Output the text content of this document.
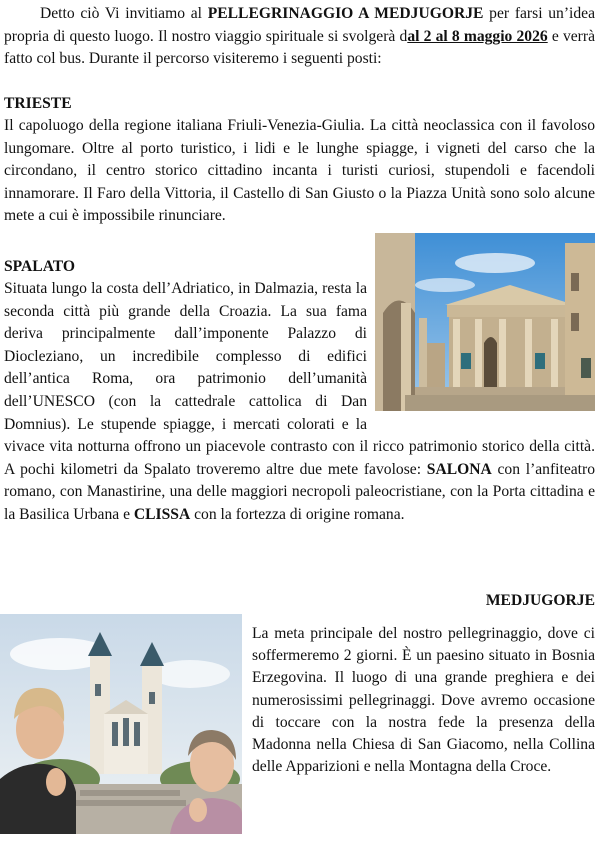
Detto ciò Vi invitiamo al PELLEGRINAGGIO A MEDJUGORJE per farsi un’idea propria di questo luogo. Il nostro viaggio spirituale si svolgerà dal 2 al 8 maggio 2026 e verrà fatto col bus. Durante il percorso visiteremo i seguenti posti:

TRIESTE

Il capoluogo della regione italiana Friuli-Venezia-Giulia. La città neoclassica con il favoloso lungomare. Oltre al porto turistico, i lidi e le lunghe spiagge, i vigneti del carso che la circondano, il centro storico cittadino incanta i turisti curiosi, stupendoli e facendoli innamorare. Il Faro della Vittoria, il Castello di San Giusto o la Piazza Unità sono solo alcune mete a cui è impossibile rinunciare.

SPALATO

Situata lungo la costa dell’Adriatico, in Dalmazia, resta la seconda città più grande della Croazia. La sua fama deriva principalmente dall’imponente Palazzo di Diocleziano, un incredibile complesso di edifici dell’antica Roma, ora patrimonio dell’umanità dell’UNESCO (con la cattedrale cattolica di Dan Domnius). Le stupende spiagge, i mercati colorati e la vivace vita notturna offrono un piacevole contrasto con il ricco patrimonio storico della città. A pochi kilometri da Spalato troveremo altre due mete favolose: SALONA con l’anfiteatro romano, con Manastirine, una delle maggiori necropoli paleocristiane, con la Porta cittadina e la Basilica Urbana e CLISSA con la fortezza di origine romana.

MEDJUGORJE

La meta principale del nostro pellegrinaggio, dove ci soffermeremo 2 giorni. È un paesino situato in Bosnia Erzegovina. Il luogo di una grande preghiera e dei numerosissimi pellegrinaggi. Dove avremo occasione di toccare con la nostra fede la presenza della Madonna nella Chiesa di San Giacomo, nella Collina delle Apparizioni e nella Montagna della Croce.
